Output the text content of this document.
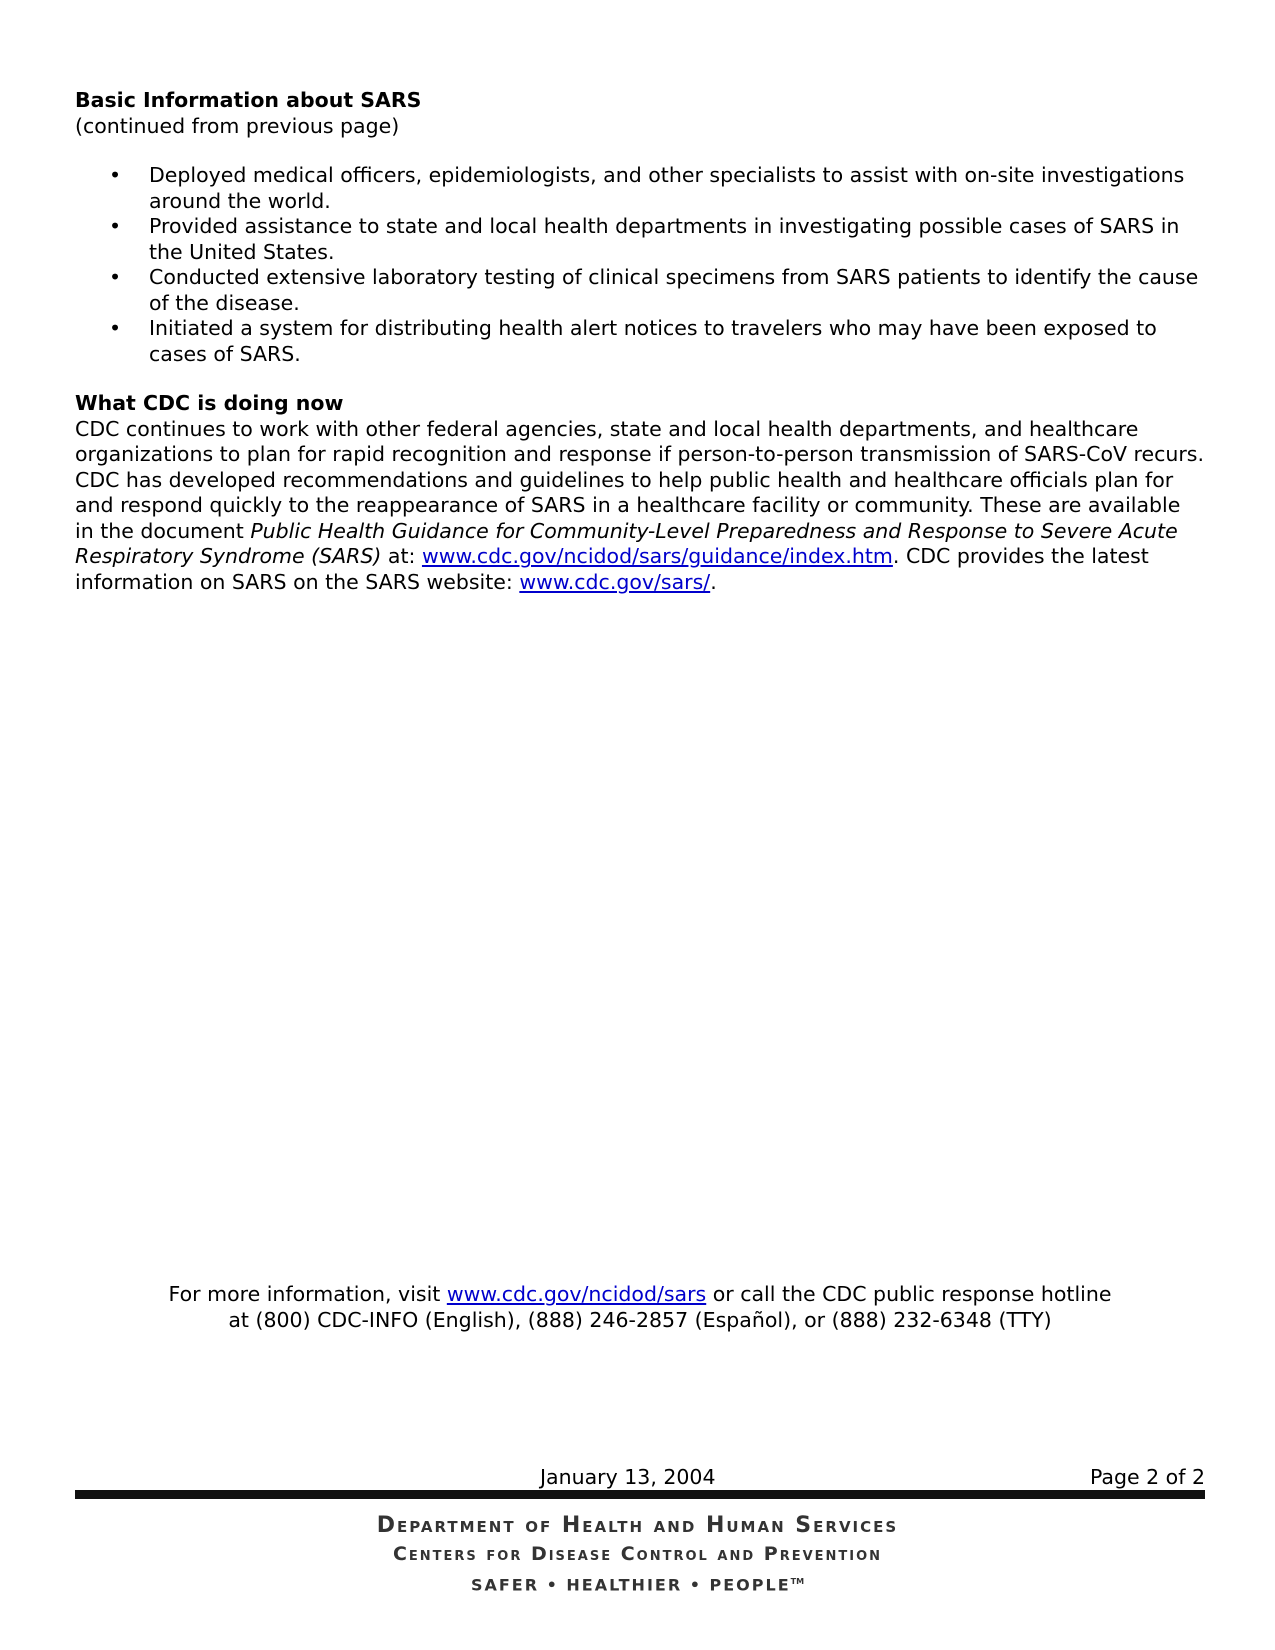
Basic Information about SARS

(continued from previous page)

• Deployed medical officers, epidemiologists, and other specialists to assist with on-site investigations around the world.
• Provided assistance to state and local health departments in investigating possible cases of SARS in the United States.
• Conducted extensive laboratory testing of clinical specimens from SARS patients to identify the cause of the disease.
• Initiated a system for distributing health alert notices to travelers who may have been exposed to cases of SARS.

What CDC is doing now

CDC continues to work with other federal agencies, state and local health departments, and healthcare organizations to plan for rapid recognition and response if person-to-person transmission of SARS-CoV recurs. CDC has developed recommendations and guidelines to help public health and healthcare officials plan for and respond quickly to the reappearance of SARS in a healthcare facility or community. These are available in the document Public Health Guidance for Community-Level Preparedness and Response to Severe Acute Respiratory Syndrome (SARS) at: www.cdc.gov/ncidod/sars/guidance/index.htm. CDC provides the latest information on SARS on the SARS website: www.cdc.gov/sars/.

For more information, visit www.cdc.gov/ncidod/sars or call the CDC public response hotline

at (800) CDC-INFO (English), (888) 246-2857 (Español), or (888) 232-6348 (TTY)

January 13, 2004	Page 2 of 2
Department of Health and Human Services
Centers for Disease Control and Prevention
SAFER • HEALTHIER • PEOPLE™
